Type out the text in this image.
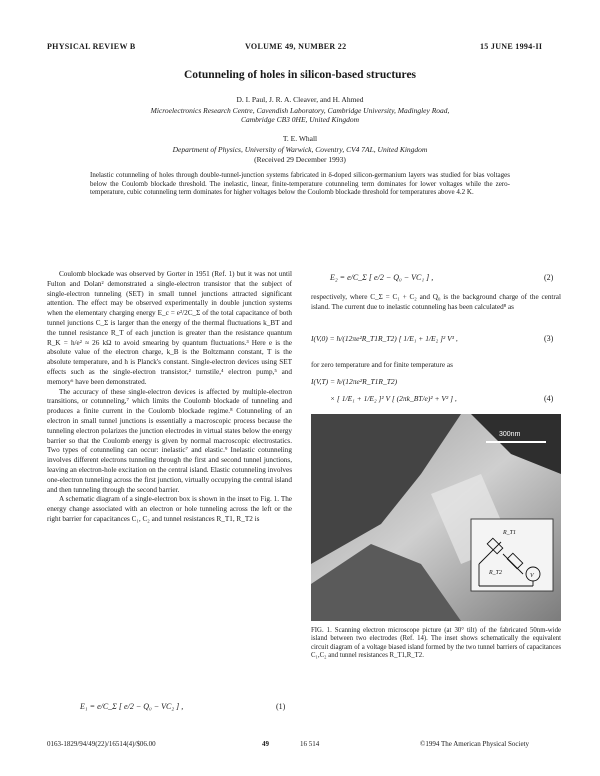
PHYSICAL REVIEW B	VOLUME 49, NUMBER 22	15 JUNE 1994-II
Cotunneling of holes in silicon-based structures
D. I. Paul, J. R. A. Cleaver, and H. Ahmed
Microelectronics Research Centre, Cavendish Laboratory, Cambridge University, Madingley Road,
Cambridge CB3 0HE, United Kingdom
T. E. Whall
Department of Physics, University of Warwick, Coventry, CV4 7AL, United Kingdom
(Received 29 December 1993)
Inelastic cotunneling of holes through double-tunnel-junction systems fabricated in δ-doped silicon-germanium layers was studied for bias voltages below the Coulomb blockade threshold. The inelastic, linear, finite-temperature cotunneling term dominates for lower voltages while the zero-temperature, cubic cotunneling term dominates for higher voltages below the Coulomb blockade threshold for temperatures above 4.2 K.

Coulomb blockade was observed by Gorter in 1951 (Ref. 1) but it was not until Fulton and Dolan² demonstrated a single-electron transistor that the subject of single-electron tunneling (SET) in small tunnel junctions attracted significant attention. The effect may be observed experimentally in double junction systems when the elementary charging energy E_c = e²/2C_Σ of the total capacitance of both tunnel junctions C_Σ is larger than the energy of the thermal fluctuations k_BT and the tunnel resistance R_T of each junction is greater than the resistance quantum R_K = h/e² ≈ 26 kΩ to avoid smearing by quantum fluctuations.³ Here e is the absolute value of the electron charge, k_B is the Boltzmann constant, T is the absolute temperature, and h is Planck's constant. Single-electron devices using SET effects such as the single-electron transistor,² turnstile,⁴ electron pump,⁵ and memory⁶ have been demonstrated.

The accuracy of these single-electron devices is affected by multiple-electron transitions, or cotunneling,⁷ which limits the Coulomb blockade of tunneling and produces a finite current in the Coulomb blockade regime.⁸ Cotunneling of an electron in small tunnel junctions is essentially a macroscopic process because the tunneling electron polarizes the junction electrodes in virtual states below the energy barrier so that the Coulomb energy is given by normal macroscopic electrostatics. Two types of cotunneling can occur: inelastic⁷ and elastic.⁹ Inelastic cotunneling involves different electrons tunneling through the first and second tunnel junctions, leaving an electron-hole excitation on the central island. Elastic cotunneling involves one-electron tunneling across the first junction, virtually occupying the central island and then tunneling through the second barrier.

A schematic diagram of a single-electron box is shown in the inset to Fig. 1. The energy change associated with an electron or hole tunneling across the left or the right barrier for capacitances C₁, C₂ and tunnel resistances R_T1, R_T2 is

E₁ = e/C_Σ [ e/2 − Q₀ − VC₂ ] ,	(1)
E₂ = e/C_Σ [ e/2 − Q₀ − VC₁ ] ,	(2)
respectively, where C_Σ = C₁ + C₂ and Q₀ is the background charge of the central island. The current due to inelastic cotunneling has been calculated⁸ as
I(V,0) = ħ/(12πe²R_T1R_T2) [ 1/E₁ + 1/E₂ ]² V³ ,	(3)
for zero temperature and for finite temperature as
I(V,T) = ħ/(12πe²R_T1R_T2)
× [ 1/E₁ + 1/E₂ ]² V [ (2πk_BT/e)² + V² ] ,	(4)
300nm
R_T1
R_T2	V
FIG. 1. Scanning electron microscope picture (at 30° tilt) of the fabricated 50nm-wide island between two electrodes (Ref. 14). The inset shows schematically the equivalent circuit diagram of a voltage biased island formed by the two tunnel barriers of capacitances C₁,C₂ and tunnel resistances R_T1,R_T2.
0163-1829/94/49(22)/16514(4)/$06.00	49	16 514	©1994 The American Physical Society
